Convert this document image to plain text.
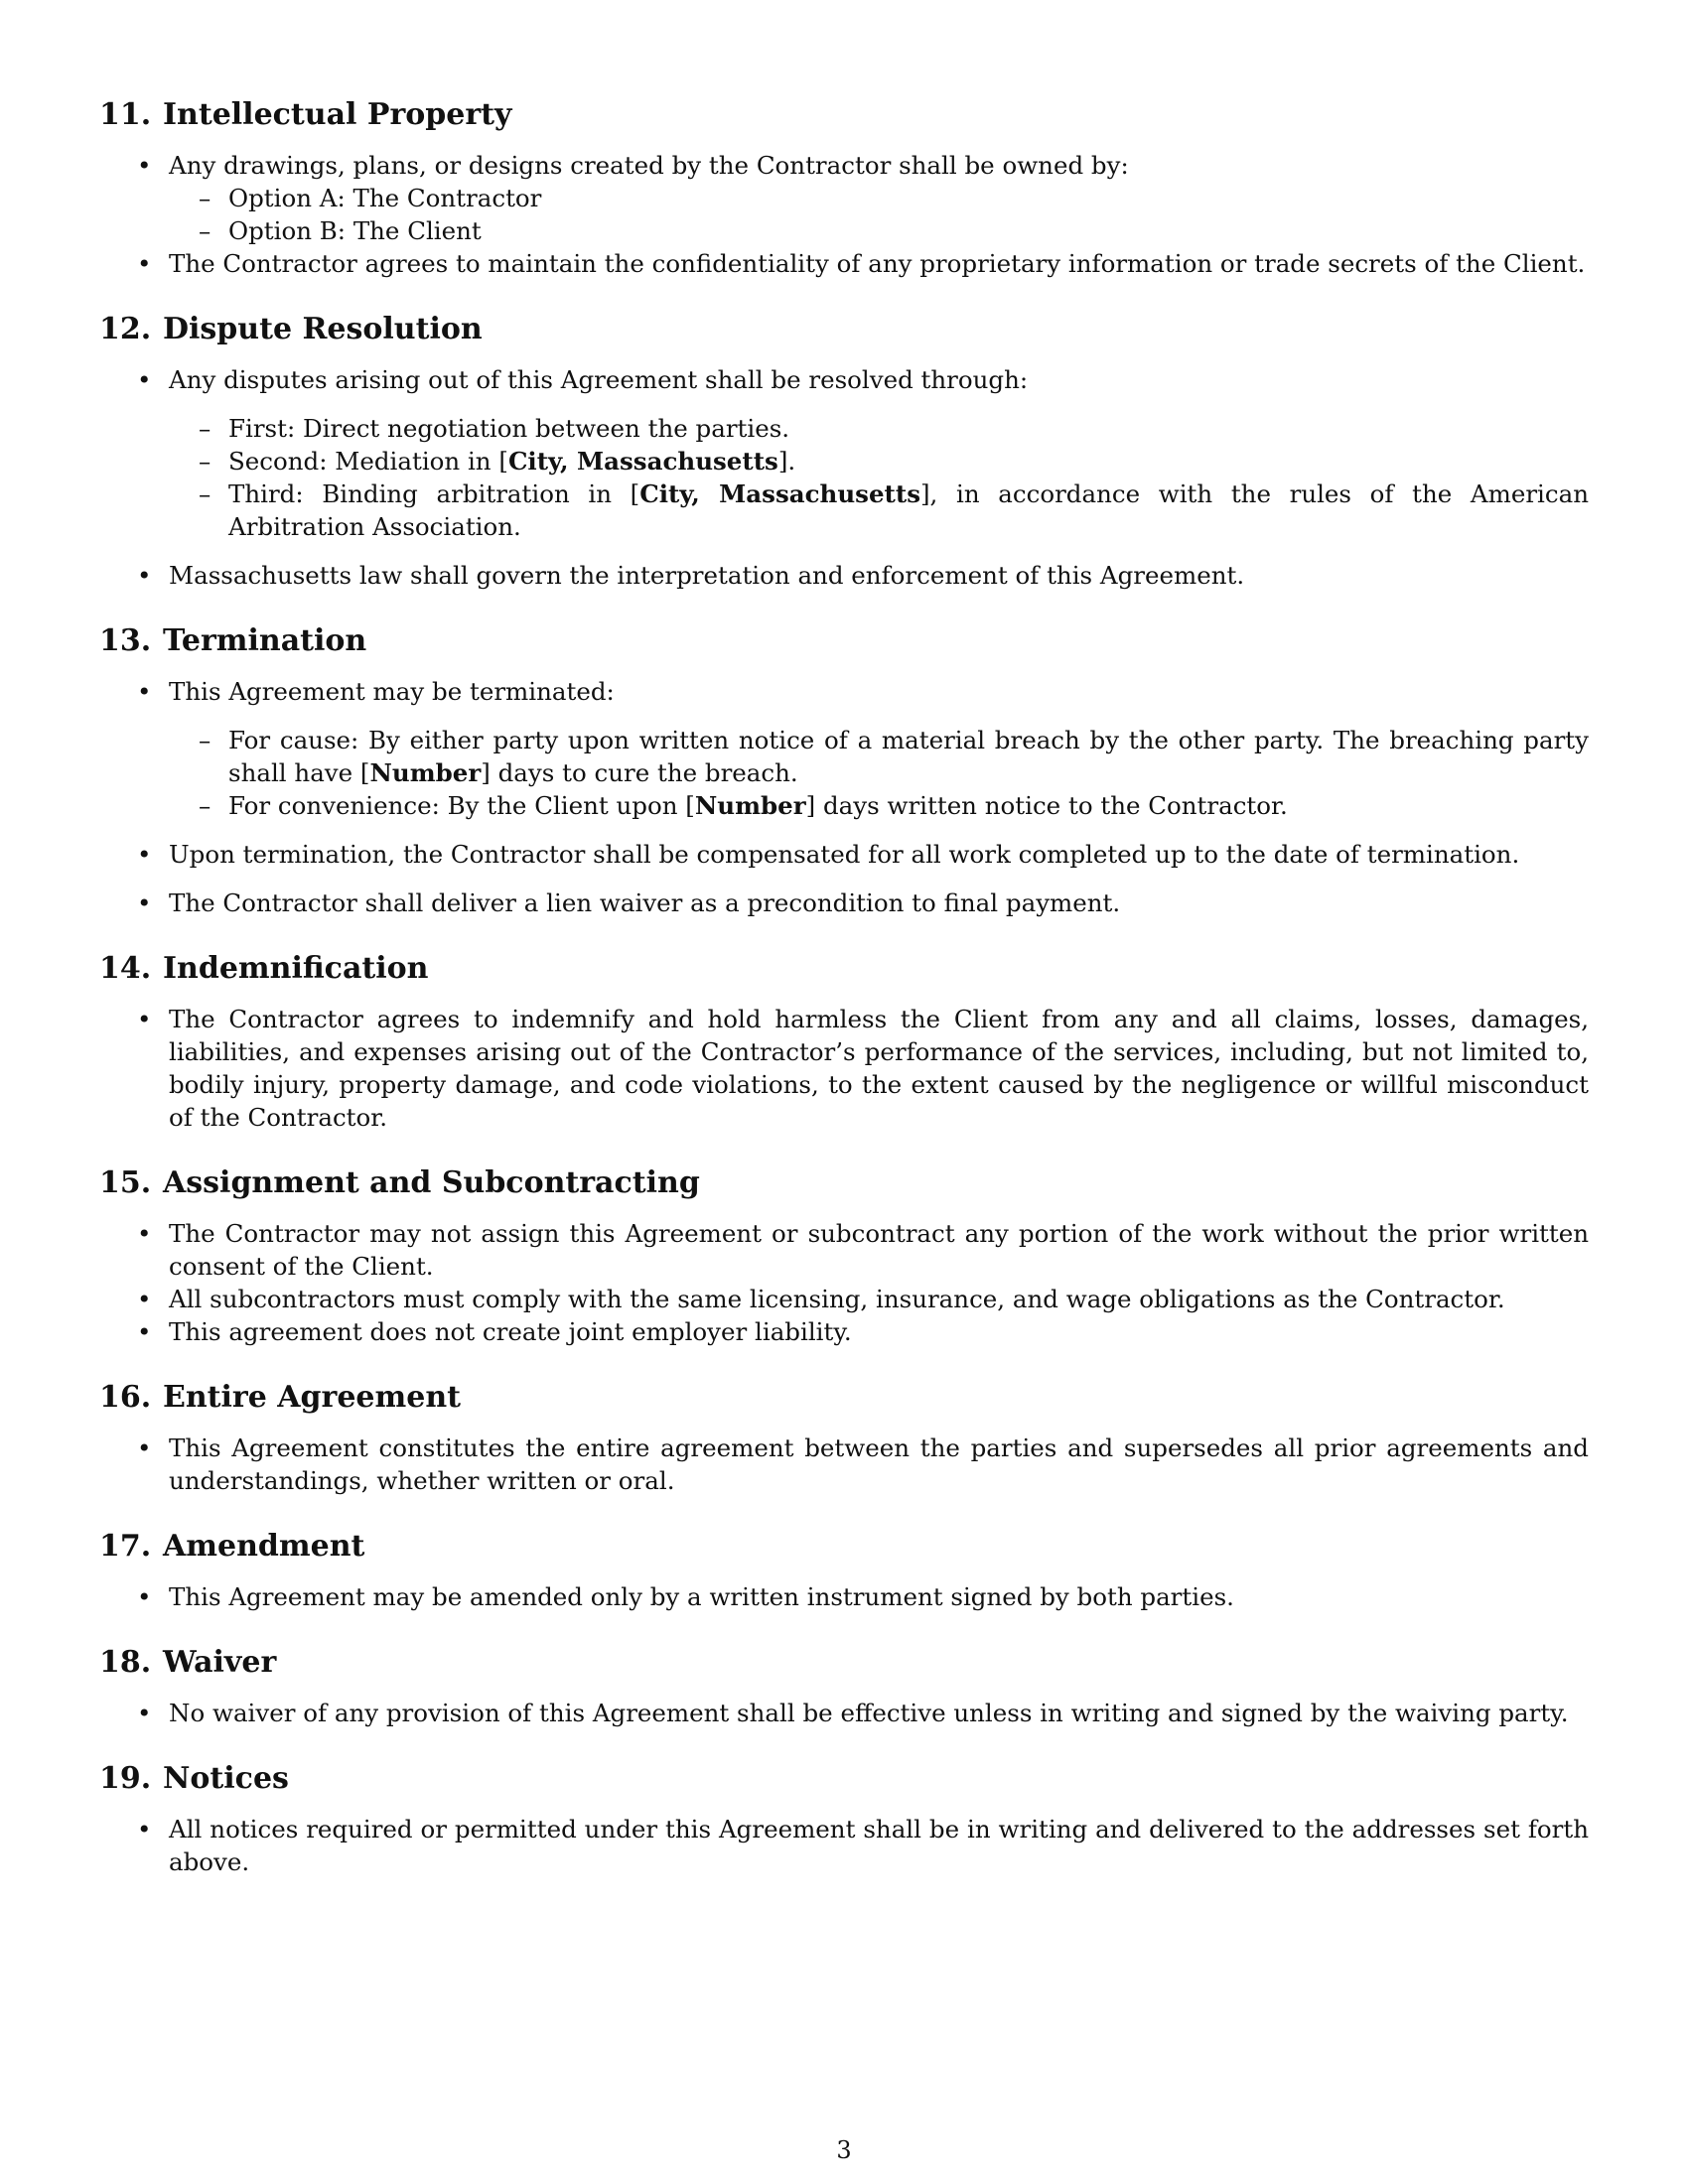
11. Intellectual Property
• Any drawings, plans, or designs created by the Contractor shall be owned by:
– Option A: The Contractor
– Option B: The Client
• The Contractor agrees to maintain the confidentiality of any proprietary information or trade secrets of the Client.
12. Dispute Resolution
• Any disputes arising out of this Agreement shall be resolved through:
– First: Direct negotiation between the parties.
– Second: Mediation in [City, Massachusetts].
– Third: Binding arbitration in [City, Massachusetts], in accordance with the rules of the American Arbitration Association.
• Massachusetts law shall govern the interpretation and enforcement of this Agreement.
13. Termination
• This Agreement may be terminated:
– For cause: By either party upon written notice of a material breach by the other party. The breaching party shall have [Number] days to cure the breach.
– For convenience: By the Client upon [Number] days written notice to the Contractor.
• Upon termination, the Contractor shall be compensated for all work completed up to the date of termination.
• The Contractor shall deliver a lien waiver as a precondition to final payment.
14. Indemnification
• The Contractor agrees to indemnify and hold harmless the Client from any and all claims, losses, damages, liabilities, and expenses arising out of the Contractor’s performance of the services, including, but not limited to, bodily injury, property damage, and code violations, to the extent caused by the negligence or willful misconduct of the Contractor.
15. Assignment and Subcontracting
• The Contractor may not assign this Agreement or subcontract any portion of the work without the prior written consent of the Client.
• All subcontractors must comply with the same licensing, insurance, and wage obligations as the Contractor.
• This agreement does not create joint employer liability.
16. Entire Agreement
• This Agreement constitutes the entire agreement between the parties and supersedes all prior agreements and understandings, whether written or oral.
17. Amendment
• This Agreement may be amended only by a written instrument signed by both parties.
18. Waiver
• No waiver of any provision of this Agreement shall be effective unless in writing and signed by the waiving party.
19. Notices
• All notices required or permitted under this Agreement shall be in writing and delivered to the addresses set forth above.
3
